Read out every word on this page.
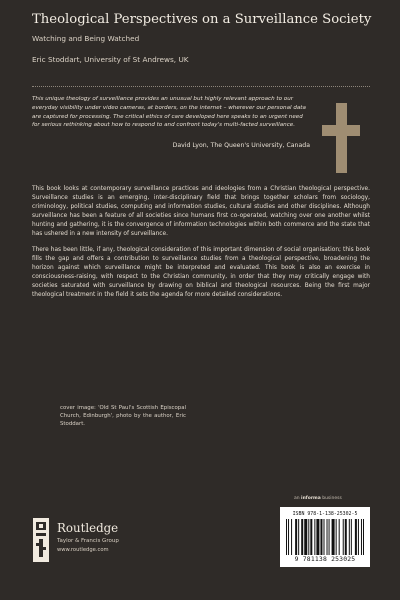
Theological Perspectives on a Surveillance Society
Watching and Being Watched
Eric Stoddart, University of St Andrews, UK
This unique theology of surveillance provides an unusual but highly relevant approach to our everyday visibility under video cameras, at borders, on the internet – wherever our personal data are captured for processing. The critical ethics of care developed here speaks to an urgent need for serious rethinking about how to respond to and confront today's multi-facted surveillance.
David Lyon, The Queen's University, Canada
This book looks at contemporary surveillance practices and ideologies from a Christian theological perspective. Surveillance studies is an emerging, inter-disciplinary field that brings together scholars from sociology, criminology, political studies, computing and information studies, cultural studies and other disciplines. Although surveillance has been a feature of all societies since humans first co-operated, watching over one another whilst hunting and gathering, it is the convergence of information technologies within both commerce and the state that has ushered in a new intensity of surveillance.
There has been little, if any, theological consideration of this important dimension of social organisation; this book fills the gap and offers a contribution to surveillance studies from a theological perspective, broadening the horizon against which surveillance might be interpreted and evaluated. This book is also an exercise in consciousness-raising, with respect to the Christian community, in order that they may critically engage with societies saturated with surveillance by drawing on biblical and theological resources. Being the first major theological treatment in the field it sets the agenda for more detailed considerations.
cover image: 'Old St Paul's Scottish Episcopal Church, Edinburgh', photo by the author, Eric Stoddart.
an informa business
Routledge
Taylor & Francis Group
www.routledge.com
ISBN 978-1-138-25302-5
9 781138 253025
